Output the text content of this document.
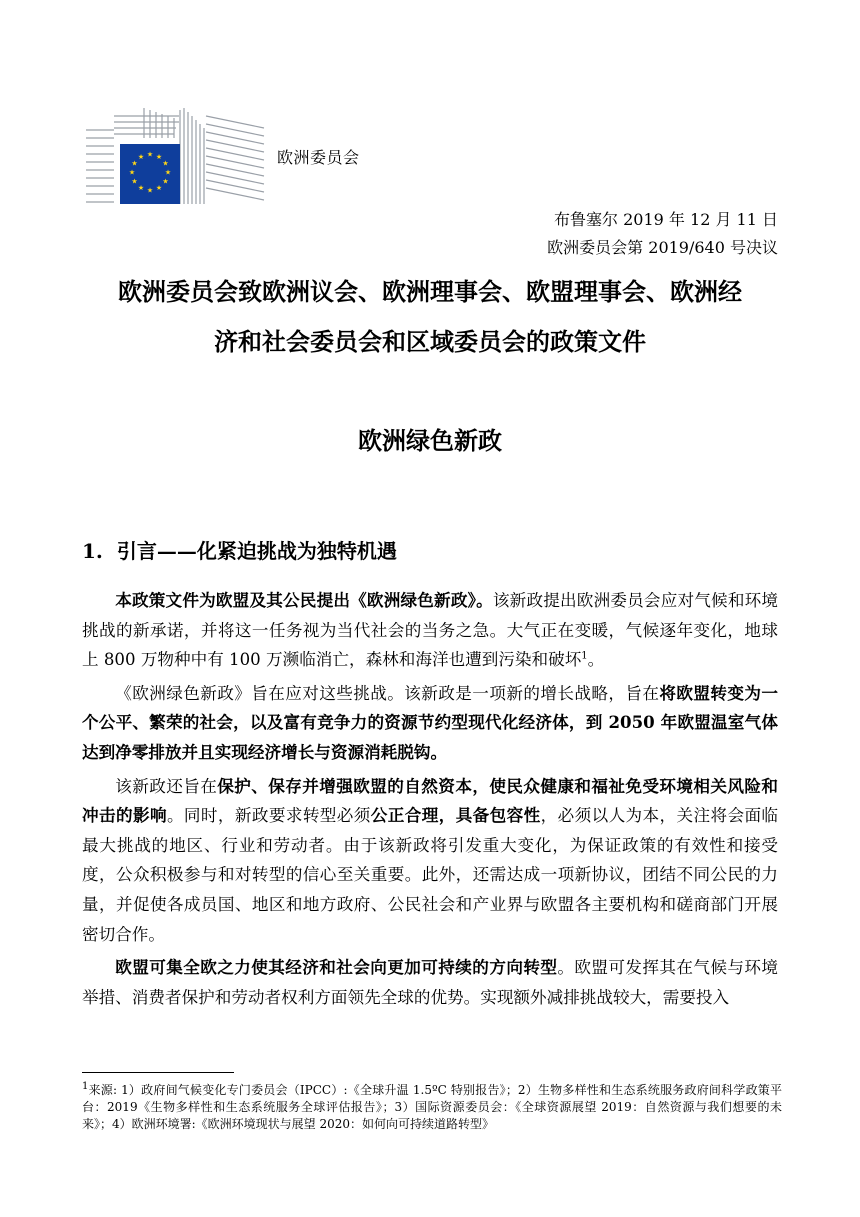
★ ★
★
★
★
★
★
★
★
★
★
★	欧洲委员会
布鲁塞尔 2019 年 12 月 11 日
欧洲委员会第 2019/640 号决议
欧洲委员会致欧洲议会、欧洲理事会、欧盟理事会、欧洲经
济和社会委员会和区域委员会的政策文件
欧洲绿色新政
1. 引言——化紧迫挑战为独特机遇

本政策文件为欧盟及其公民提出《欧洲绿色新政》。该新政提出欧洲委员会应对气候和环境挑战的新承诺，并将这一任务视为当代社会的当务之急。大气正在变暖，气候逐年变化，地球上 800 万物种中有 100 万濒临消亡，森林和海洋也遭到污染和破坏$^1$。

《欧洲绿色新政》旨在应对这些挑战。该新政是一项新的增长战略，旨在将欧盟转变为一个公平、繁荣的社会，以及富有竞争力的资源节约型现代化经济体，到 2050 年欧盟温室气体达到净零排放并且实现经济增长与资源消耗脱钩。

该新政还旨在保护、保存并增强欧盟的自然资本，使民众健康和福祉免受环境相关风险和冲击的影响。同时，新政要求转型必须公正合理，具备包容性，必须以人为本，关注将会面临最大挑战的地区、行业和劳动者。由于该新政将引发重大变化，为保证政策的有效性和接受度，公众积极参与和对转型的信心至关重要。此外，还需达成一项新协议，团结不同公民的力量，并促使各成员国、地区和地方政府、公民社会和产业界与欧盟各主要机构和磋商部门开展密切合作。

欧盟可集全欧之力使其经济和社会向更加可持续的方向转型。欧盟可发挥其在气候与环境举措、消费者保护和劳动者权利方面领先全球的优势。实现额外减排挑战较大，需要投入

$^1$来源: 1）政府间气候变化专门委员会（IPCC）:《全球升温 1.5ºC 特别报告》；2）生物多样性和生态系统服务政府间科学政策平台：2019《生物多样性和生态系统服务全球评估报告》；3）国际资源委员会：《全球资源展望 2019：自然资源与我们想要的未来》；4）欧洲环境署:《欧洲环境现状与展望 2020：如何向可持续道路转型》
